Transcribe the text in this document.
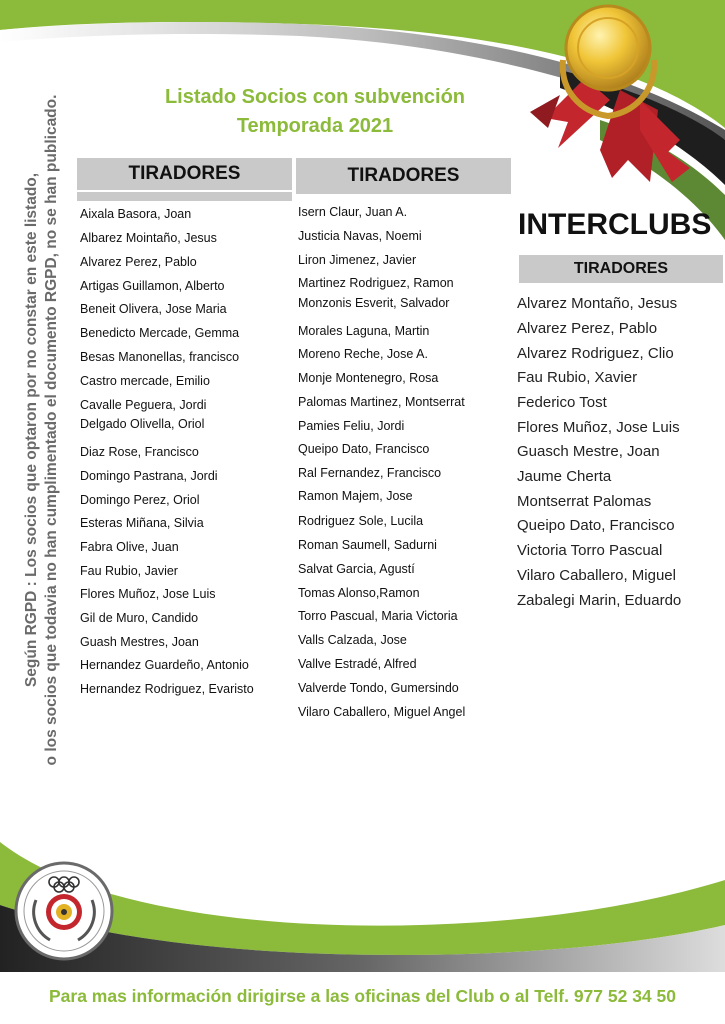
Según RGPD : Los socios que optaron por no constar en este listado, o los socios que todavia no han cumplimentado el documento RGPD, no se han publicado.	Listado Socios con subvención
Temporada 2021
TIRADORES	TIRADORES

Aixala Basora, Joan

Albarez Mointaño, Jesus

Alvarez Perez, Pablo

Artigas Guillamon, Alberto

Beneit Olivera, Jose Maria

Benedicto Mercade, Gemma

Besas Manonellas, francisco

Castro mercade, Emilio

Cavalle Peguera, Jordi

Delgado Olivella, Oriol

Diaz Rose, Francisco

Domingo Pastrana, Jordi

Domingo Perez, Oriol

Esteras Miñana, Silvia

Fabra Olive, Juan

Fau Rubio, Javier

Flores Muñoz, Jose Luis

Gil de Muro, Candido

Guash Mestres, Joan

Hernandez Guardeño, Antonio

Hernandez Rodriguez, Evaristo

Isern Claur, Juan A.

Justicia Navas, Noemi

Liron Jimenez, Javier

Martinez Rodriguez, Ramon

Monzonis Esverit, Salvador

Morales Laguna, Martin

Moreno Reche, Jose A.

Monje Montenegro, Rosa

Palomas Martinez, Montserrat

Pamies Feliu, Jordi

Queipo Dato, Francisco

Ral Fernandez, Francisco

Ramon Majem, Jose

Rodriguez Sole, Lucila

Roman Saumell, Sadurni

Salvat Garcia, Agustí

Tomas Alonso,Ramon

Torro Pascual, Maria Victoria

Valls Calzada, Jose

Vallve Estradé, Alfred

Valverde Tondo, Gumersindo

Vilaro Caballero, Miguel Angel

INTERCLUBS
TIRADORES
Alvarez Montaño, Jesus
Alvarez Perez, Pablo
Alvarez Rodriguez, Clio
Fau Rubio, Xavier
Federico Tost
Flores Muñoz, Jose Luis
Guasch Mestre, Joan
Jaume Cherta
Montserrat Palomas
Queipo Dato, Francisco
Victoria Torro Pascual
Vilaro Caballero, Miguel
Zabalegi Marin, Eduardo
Para mas información dirigirse a las oficinas del Club o al Telf. 977 52 34 50
